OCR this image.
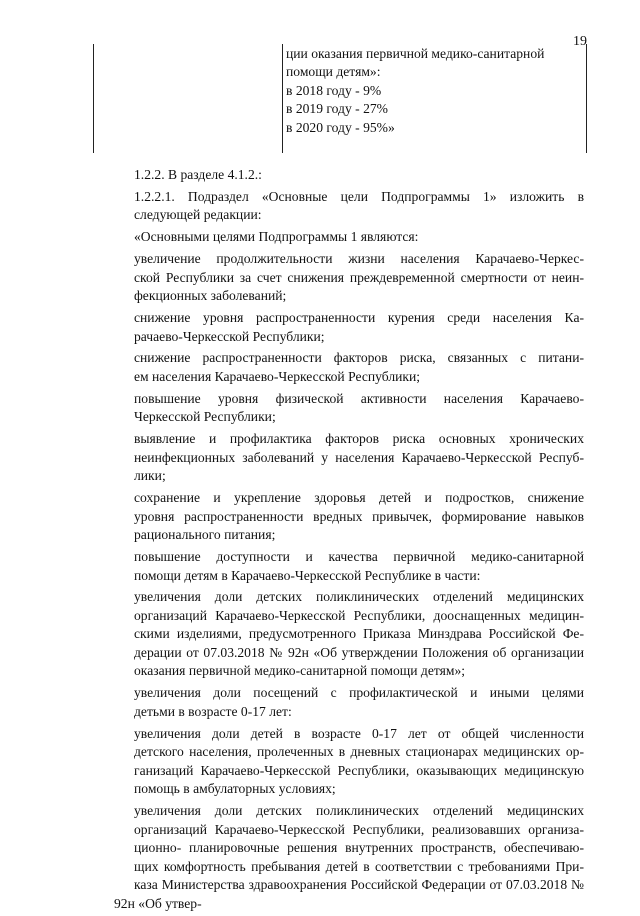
19
ции оказания первичной медико-санитарной
помощи детям»:
в 2018 году - 9%
в 2019 году - 27%
в 2020 году - 95%»
1.2.2. В разделе 4.1.2.:
1.2.2.1. Подраздел «Основные цели Подпрограммы 1» изложить в
следующей редакции:
«Основными целями Подпрограммы 1 являются:
увеличение продолжительности жизни населения Карачаево-Черкес-
ской Республики за счет снижения преждевременной смертности от неин-
фекционных заболеваний;
снижение уровня распространенности курения среди населения Ка-
рачаево-Черкесской Республики;
снижение распространенности факторов риска, связанных с питани-
ем населения Карачаево-Черкесской Республики;
повышение уровня физической активности населения Карачаево-
Черкесской Республики;
выявление и профилактика факторов риска основных хронических
неинфекционных заболеваний у населения Карачаево-Черкесской Респуб-
лики;
сохранение и укрепление здоровья детей и подростков, снижение
уровня распространенности вредных привычек, формирование навыков
рационального питания;
повышение доступности и качества первичной медико-санитарной
помощи детям в Карачаево-Черкесской Республике в части:
увеличения доли детских поликлинических отделений медицинских
организаций Карачаево-Черкесской Республики, дооснащенных медицин-
скими изделиями, предусмотренного Приказа Минздрава Российской Фе-
дерации от 07.03.2018 № 92н «Об утверждении Положения об организации
оказания первичной медико-санитарной помощи детям»;
увеличения доли посещений с профилактической и иными целями
детьми в возрасте 0-17 лет:
увеличения доли детей в возрасте 0-17 лет от общей численности
детского населения, пролеченных в дневных стационарах медицинских ор-
ганизаций Карачаево-Черкесской Республики, оказывающих медицинскую
помощь в амбулаторных условиях;
увеличения доли детских поликлинических отделений медицинских
организаций Карачаево-Черкесской Республики, реализовавших организа-
ционно- планировочные решения внутренних пространств, обеспечиваю-
щих комфортность пребывания детей в соответствии с требованиями При-
каза Министерства здравоохранения Российской Федерации от 07.03.2018 № 92н «Об утвер-
